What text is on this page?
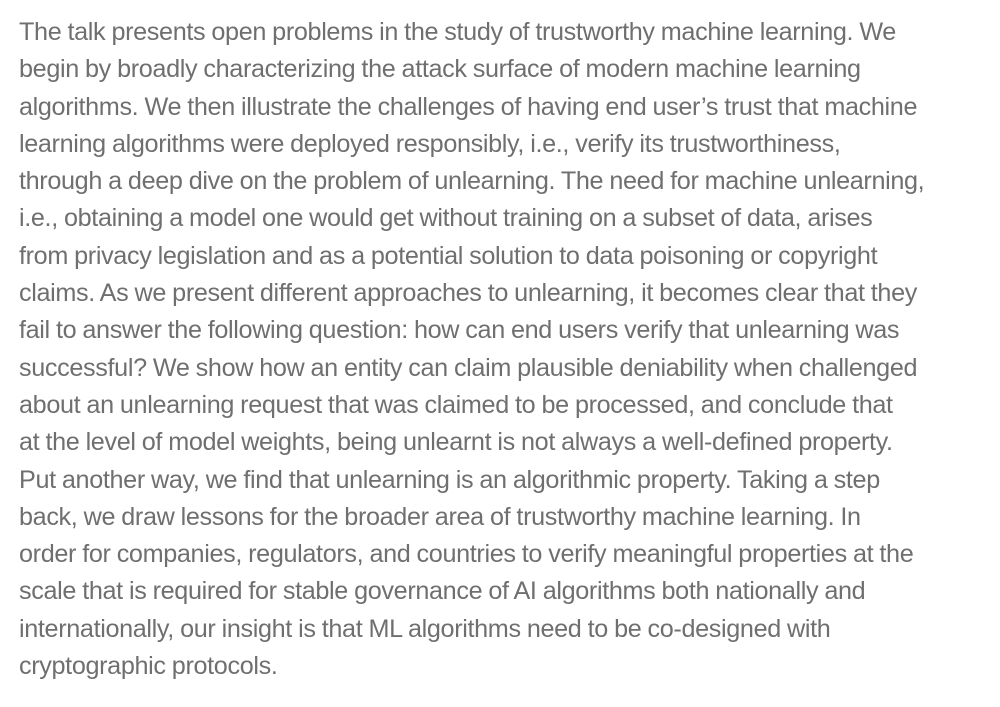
The talk presents open problems in the study of trustworthy machine learning. We
begin by broadly characterizing the attack surface of modern machine learning
algorithms. We then illustrate the challenges of having end user’s trust that machine
learning algorithms were deployed responsibly, i.e., verify its trustworthiness,
through a deep dive on the problem of unlearning. The need for machine unlearning,
i.e., obtaining a model one would get without training on a subset of data, arises
from privacy legislation and as a potential solution to data poisoning or copyright
claims. As we present different approaches to unlearning, it becomes clear that they
fail to answer the following question: how can end users verify that unlearning was
successful? We show how an entity can claim plausible deniability when challenged
about an unlearning request that was claimed to be processed, and conclude that
at the level of model weights, being unlearnt is not always a well-defined property.
Put another way, we find that unlearning is an algorithmic property. Taking a step
back, we draw lessons for the broader area of trustworthy machine learning. In
order for companies, regulators, and countries to verify meaningful properties at the
scale that is required for stable governance of AI algorithms both nationally and
internationally, our insight is that ML algorithms need to be co-designed with
cryptographic protocols.
